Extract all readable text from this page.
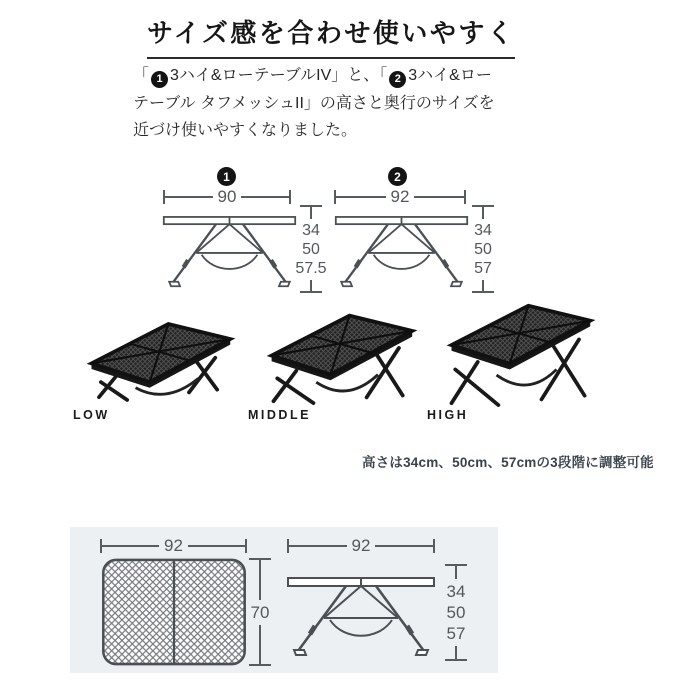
サイズ感を合わせ使いやすく
「 1 3ハイ&ローテーブルIV」と、「 2 3ハイ&ロー
テーブル タフメッシュII」の高さと奥行のサイズを
近づけ使いやすくなりました。
1
90
34
50
57.5
2
92
34
50
57
LOW	MIDDLE	HIGH
高さは34cm、50cm、57cmの3段階に調整可能
92
70
92
34
50
57
